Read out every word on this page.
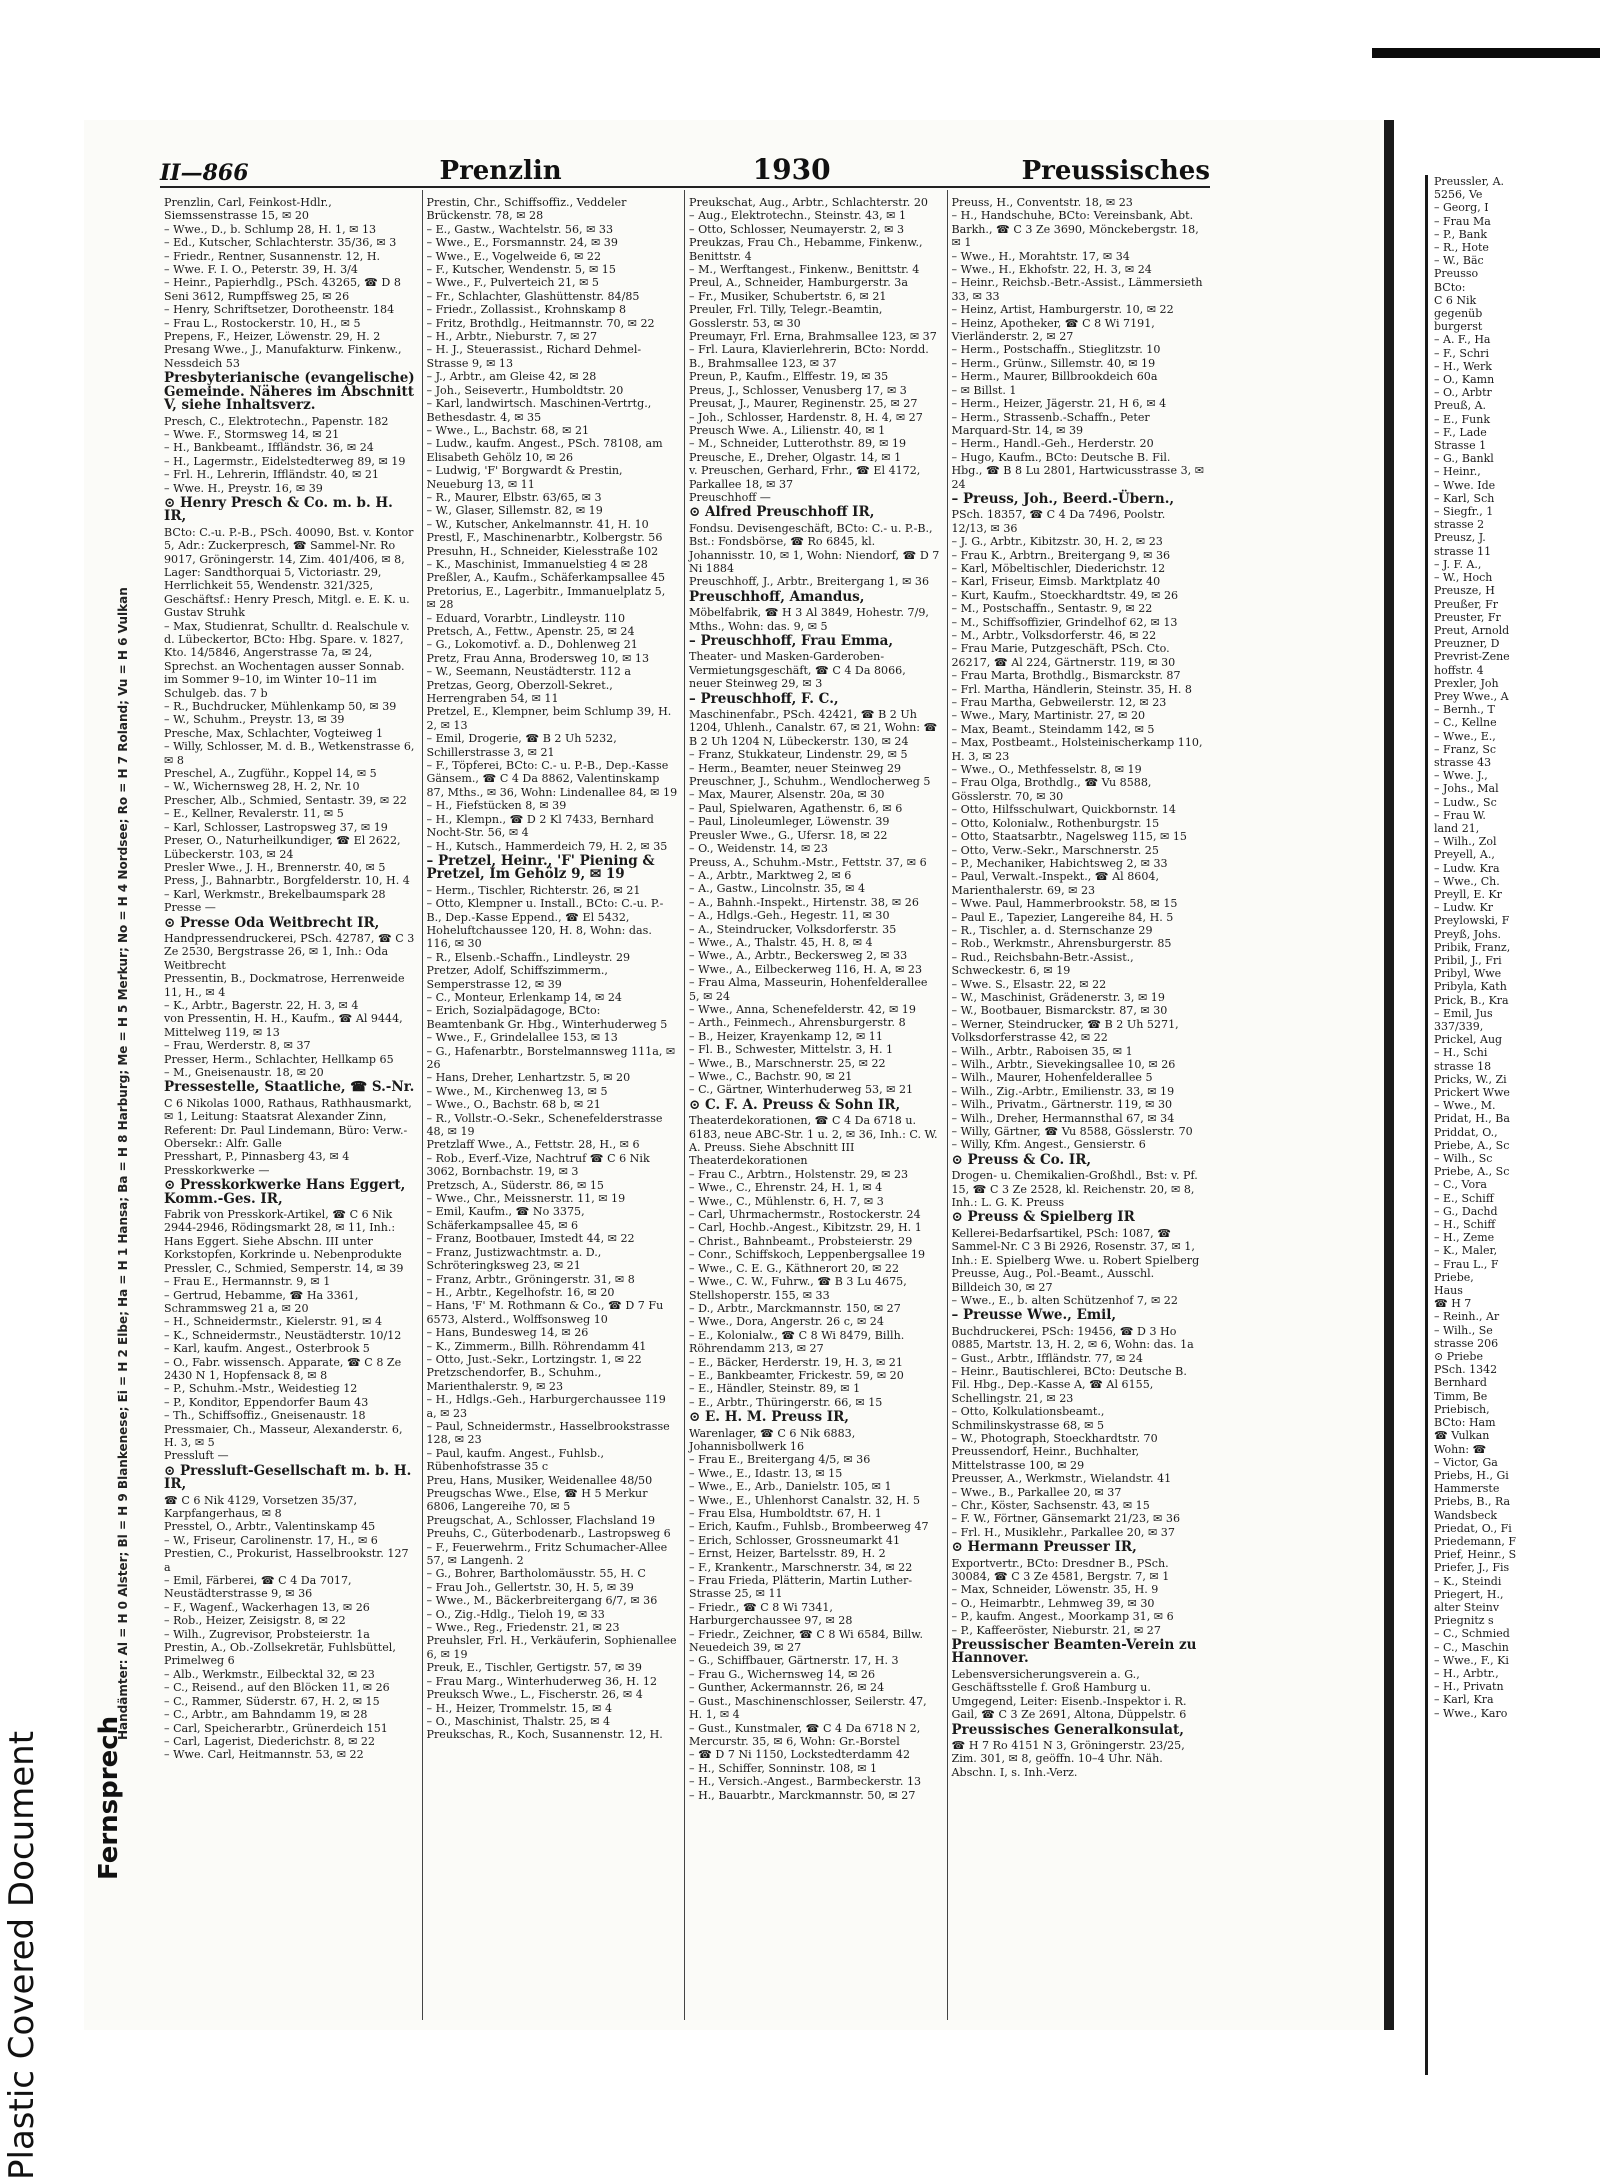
Plastic Covered Document
II—866	Prenzlin	1930	Preussisches
Fernsprech
Handämter: Al = H 0 Alster; Bl = H 9 Blankenese; Ei = H 2 Elbe; Ha = H 1 Hansa; Ba = H 8 Harburg; Me = H 5 Merkur; No = H 4 Nordsee; Ro = H 7 Roland; Vu = H 6 Vulkan

Prenzlin, Carl, Feinkost-Hdlr., Siemssenstrasse 15, ✉ 20

– Wwe., D., b. Schlump 28, H. 1, ✉ 13

– Ed., Kutscher, Schlachterstr. 35/36, ✉ 3

– Friedr., Rentner, Susannenstr. 12, H.

– Wwe. F. I. O., Peterstr. 39, H. 3/4

– Heinr., Papierhdlg., PSch. 43265, ☎ D 8 Seni 3612, Rumpffsweg 25, ✉ 26

– Henry, Schriftsetzer, Dorotheenstr. 184

– Frau L., Rostockerstr. 10, H., ✉ 5

Prepens, F., Heizer, Löwenstr. 29, H. 2

Presang Wwe., J., Manufakturw. Finkenw., Nessdeich 53

Presbyterianische (evangelische) Gemeinde. Näheres im Abschnitt V, siehe Inhaltsverz.

Presch, C., Elektrotechn., Papenstr. 182

– Wwe. F., Stormsweg 14, ✉ 21

– H., Bankbeamt., Iffländstr. 36, ✉ 24

– H., Lagermstr., Eidelstedterweg 89, ✉ 19

– Frl. H., Lehrerin, Iffländstr. 40, ✉ 21

– Wwe. H., Preystr. 16, ✉ 39

⊙ Henry Presch & Co. m. b. H. IR,

BCto: C.-u. P.-B., PSch. 40090, Bst. v. Kontor 5, Adr.: Zuckerpresch, ☎ Sammel-Nr. Ro 9017, Gröningerstr. 14, Zim. 401/406, ✉ 8, Lager: Sandthorquai 5, Victoriastr. 29, Herrlichkeit 55, Wendenstr. 321/325, Geschäftsf.: Henry Presch, Mitgl. e. E. K. u. Gustav Struhk

– Max, Studienrat, Schulltr. d. Realschule v. d. Lübeckertor, BCto: Hbg. Spare. v. 1827, Kto. 14/5846, Angerstrasse 7a, ✉ 24, Sprechst. an Wochentagen ausser Sonnab. im Sommer 9–10, im Winter 10–11 im Schulgeb. das. 7 b

– R., Buchdrucker, Mühlenkamp 50, ✉ 39

– W., Schuhm., Preystr. 13, ✉ 39

Presche, Max, Schlachter, Vogteiweg 1

– Willy, Schlosser, M. d. B., Wetkenstrasse 6, ✉ 8

Preschel, A., Zugführ., Koppel 14, ✉ 5

– W., Wichernsweg 28, H. 2, Nr. 10

Prescher, Alb., Schmied, Sentastr. 39, ✉ 22

– E., Kellner, Revalerstr. 11, ✉ 5

– Karl, Schlosser, Lastropsweg 37, ✉ 19

Preser, O., Naturheilkundiger, ☎ El 2622, Lübeckerstr. 103, ✉ 24

Presler Wwe., J. H., Brennerstr. 40, ✉ 5

Press, J., Bahnarbtr., Borgfelderstr. 10, H. 4

– Karl, Werkmstr., Brekelbaumspark 28

Presse —

⊙ Presse Oda Weitbrecht IR,

Handpressendruckerei, PSch. 42787, ☎ C 3 Ze 2530, Bergstrasse 26, ✉ 1, Inh.: Oda Weitbrecht

Pressentin, B., Dockmatrose, Herrenweide 11, H., ✉ 4

– K., Arbtr., Bagerstr. 22, H. 3, ✉ 4

von Pressentin, H. H., Kaufm., ☎ Al 9444, Mittelweg 119, ✉ 13

– Frau, Werderstr. 8, ✉ 37

Presser, Herm., Schlachter, Hellkamp 65

– M., Gneisenaustr. 18, ✉ 20

Pressestelle, Staatliche, ☎ S.-Nr.

C 6 Nikolas 1000, Rathaus, Rathhausmarkt, ✉ 1, Leitung: Staatsrat Alexander Zinn, Referent: Dr. Paul Lindemann, Büro: Verw.-Obersekr.: Alfr. Galle

Presshart, P., Pinnasberg 43, ✉ 4

Presskorkwerke —

⊙ Presskorkwerke Hans Eggert, Komm.-Ges. IR,

Fabrik von Presskork-Artikel, ☎ C 6 Nik 2944-2946, Rödingsmarkt 28, ✉ 11, Inh.: Hans Eggert. Siehe Abschn. III unter Korkstopfen, Korkrinde u. Nebenprodukte

Pressler, C., Schmied, Semperstr. 14, ✉ 39

– Frau E., Hermannstr. 9, ✉ 1

– Gertrud, Hebamme, ☎ Ha 3361, Schrammsweg 21 a, ✉ 20

– H., Schneidermstr., Kielerstr. 91, ✉ 4

– K., Schneidermstr., Neustädterstr. 10/12

– Karl, kaufm. Angest., Osterbrook 5

– O., Fabr. wissensch. Apparate, ☎ C 8 Ze 2430 N 1, Hopfensack 8, ✉ 8

– P., Schuhm.-Mstr., Weidestieg 12

– P., Konditor, Eppendorfer Baum 43

– Th., Schiffsoffiz., Gneisenaustr. 18

Pressmaier, Ch., Masseur, Alexanderstr. 6, H. 3, ✉ 5

Pressluft —

⊙ Pressluft-Gesellschaft m. b. H. IR,

☎ C 6 Nik 4129, Vorsetzen 35/37, Karpfangerhaus, ✉ 8

Presstel, O., Arbtr., Valentinskamp 45

– W., Friseur, Carolinenstr. 17, H., ✉ 6

Prestien, C., Prokurist, Hasselbrookstr. 127 a

– Emil, Färberei, ☎ C 4 Da 7017, Neustädterstrasse 9, ✉ 36

– F., Wagenf., Wackerhagen 13, ✉ 26

– Rob., Heizer, Zeisigstr. 8, ✉ 22

– Wilh., Zugrevisor, Probsteierstr. 1a

Prestin, A., Ob.-Zollsekretär, Fuhlsbüttel, Primelweg 6

– Alb., Werkmstr., Eilbecktal 32, ✉ 23

– C., Reisend., auf den Blöcken 11, ✉ 26

– C., Rammer, Süderstr. 67, H. 2, ✉ 15

– C., Arbtr., am Bahndamm 19, ✉ 28

– Carl, Speicherarbtr., Grünerdeich 151

– Carl, Lagerist, Diederichstr. 8, ✉ 22

– Wwe. Carl, Heitmannstr. 53, ✉ 22

Prestin, Chr., Schiffsoffiz., Veddeler Brückenstr. 78, ✉ 28

– E., Gastw., Wachtelstr. 56, ✉ 33

– Wwe., E., Forsmannstr. 24, ✉ 39

– Wwe., E., Vogelweide 6, ✉ 22

– F., Kutscher, Wendenstr. 5, ✉ 15

– Wwe., F., Pulverteich 21, ✉ 5

– Fr., Schlachter, Glashüttenstr. 84/85

– Friedr., Zollassist., Krohnskamp 8

– Fritz, Brothdlg., Heitmannstr. 70, ✉ 22

– H., Arbtr., Nieburstr. 7, ✉ 27

– H. J., Steuerassist., Richard Dehmel-Strasse 9, ✉ 13

– J., Arbtr., am Gleise 42, ✉ 28

– Joh., Seisevertr., Humboldtstr. 20

– Karl, landwirtsch. Maschinen-Vertrtg., Bethesdastr. 4, ✉ 35

– Wwe., L., Bachstr. 68, ✉ 21

– Ludw., kaufm. Angest., PSch. 78108, am Elisabeth Gehölz 10, ✉ 26

– Ludwig, 'F' Borgwardt & Prestin, Neueburg 13, ✉ 11

– R., Maurer, Elbstr. 63/65, ✉ 3

– W., Glaser, Sillemstr. 82, ✉ 19

– W., Kutscher, Ankelmannstr. 41, H. 10

Prestl, F., Maschinenarbtr., Kolbergstr. 56

Presuhn, H., Schneider, Kielesstraße 102

– K., Maschinist, Immanuelstieg 4 ✉ 28

Preßler, A., Kaufm., Schäferkampsallee 45

Pretorius, E., Lagerbitr., Immanuelplatz 5, ✉ 28

– Eduard, Vorarbtr., Lindleystr. 110

Pretsch, A., Fettw., Apenstr. 25, ✉ 24

– G., Lokomotivf. a. D., Dohlenweg 21

Pretz, Frau Anna, Brodersweg 10, ✉ 13

– W., Seemann, Neustädterstr. 112 a

Pretzas, Georg, Oberzoll-Sekret., Herrengraben 54, ✉ 11

Pretzel, E., Klempner, beim Schlump 39, H. 2, ✉ 13

– Emil, Drogerie, ☎ B 2 Uh 5232, Schillerstrasse 3, ✉ 21

– F., Töpferei, BCto: C.- u. P.-B., Dep.-Kasse Gänsem., ☎ C 4 Da 8862, Valentinskamp 87, Mths., ✉ 36, Wohn: Lindenallee 84, ✉ 19

– H., Fiefstücken 8, ✉ 39

– H., Klempn., ☎ D 2 Kl 7433, Bernhard Nocht-Str. 56, ✉ 4

– H., Kutsch., Hammerdeich 79, H. 2, ✉ 35

– Pretzel, Heinr., 'F' Piening & Pretzel, Im Gehölz 9, ✉ 19

– Herm., Tischler, Richterstr. 26, ✉ 21

– Otto, Klempner u. Install., BCto: C.-u. P.-B., Dep.-Kasse Eppend., ☎ El 5432, Hoheluftchaussee 120, H. 8, Wohn: das. 116, ✉ 30

– R., Elsenb.-Schaffn., Lindleystr. 29

Pretzer, Adolf, Schiffszimmerm., Semperstrasse 12, ✉ 39

– C., Monteur, Erlenkamp 14, ✉ 24

– Erich, Sozialpädagoge, BCto: Beamtenbank Gr. Hbg., Winterhuderweg 5

– Wwe., F., Grindelallee 153, ✉ 13

– G., Hafenarbtr., Borstelmannsweg 111a, ✉ 26

– Hans, Dreher, Lenhartzstr. 5, ✉ 20

– Wwe., M., Kirchenweg 13, ✉ 5

– Wwe., O., Bachstr. 68 b, ✉ 21

– R., Vollstr.-O.-Sekr., Schenefelderstrasse 48, ✉ 19

Pretzlaff Wwe., A., Fettstr. 28, H., ✉ 6

– Rob., Everf.-Vize, Nachtruf ☎ C 6 Nik 3062, Bornbachstr. 19, ✉ 3

Pretzsch, A., Süderstr. 86, ✉ 15

– Wwe., Chr., Meissnerstr. 11, ✉ 19

– Emil, Kaufm., ☎ No 3375, Schäferkampsallee 45, ✉ 6

– Franz, Bootbauer, Imstedt 44, ✉ 22

– Franz, Justizwachtmstr. a. D., Schröteringksweg 23, ✉ 21

– Franz, Arbtr., Gröningerstr. 31, ✉ 8

– H., Arbtr., Kegelhofstr. 16, ✉ 20

– Hans, 'F' M. Rothmann & Co., ☎ D 7 Fu 6573, Alsterd., Wolffsonsweg 10

– Hans, Bundesweg 14, ✉ 26

– K., Zimmerm., Billh. Röhrendamm 41

– Otto, Just.-Sekr., Lortzingstr. 1, ✉ 22

Pretzschendorfer, B., Schuhm., Marienthalerstr. 9, ✉ 23

– H., Hdlgs.-Geh., Harburgerchaussee 119 a, ✉ 23

– Paul, Schneidermstr., Hasselbrookstrasse 128, ✉ 23

– Paul, kaufm. Angest., Fuhlsb., Rübenhofstrasse 35 c

Preu, Hans, Musiker, Weidenallee 48/50

Preugschas Wwe., Else, ☎ H 5 Merkur 6806, Langereihe 70, ✉ 5

Preugschat, A., Schlosser, Flachsland 19

Preuhs, C., Güterbodenarb., Lastropsweg 6

– F., Feuerwehrm., Fritz Schumacher-Allee 57, ✉ Langenh. 2

– G., Bohrer, Bartholomäusstr. 55, H. C

– Frau Joh., Gellertstr. 30, H. 5, ✉ 39

– Wwe., M., Bäckerbreitergang 6/7, ✉ 36

– O., Zig.-Hdlg., Tieloh 19, ✉ 33

– Wwe., Reg., Friedenstr. 21, ✉ 23

Preuhsler, Frl. H., Verkäuferin, Sophienallee 6, ✉ 19

Preuk, E., Tischler, Gertigstr. 57, ✉ 39

– Frau Marg., Winterhuderweg 36, H. 12

Preuksch Wwe., L., Fischerstr. 26, ✉ 4

– H., Heizer, Trommelstr. 15, ✉ 4

– O., Maschinist, Thalstr. 25, ✉ 4

Preukschas, R., Koch, Susannenstr. 12, H.

Preukschat, Aug., Arbtr., Schlachterstr. 20

– Aug., Elektrotechn., Steinstr. 43, ✉ 1

– Otto, Schlosser, Neumayerstr. 2, ✉ 3

Preukzas, Frau Ch., Hebamme, Finkenw., Benittstr. 4

– M., Werftangest., Finkenw., Benittstr. 4

Preul, A., Schneider, Hamburgerstr. 3a

– Fr., Musiker, Schubertstr. 6, ✉ 21

Preuler, Frl. Tilly, Telegr.-Beamtin, Gosslerstr. 53, ✉ 30

Preumayr, Frl. Erna, Brahmsallee 123, ✉ 37

– Frl. Laura, Klavierlehrerin, BCto: Nordd. B., Brahmsallee 123, ✉ 37

Preun, P., Kaufm., Elffestr. 19, ✉ 35

Preus, J., Schlosser, Venusberg 17, ✉ 3

Preusat, J., Maurer, Reginenstr. 25, ✉ 27

– Joh., Schlosser, Hardenstr. 8, H. 4, ✉ 27

Preusch Wwe. A., Lilienstr. 40, ✉ 1

– M., Schneider, Lutterothstr. 89, ✉ 19

Preusche, E., Dreher, Olgastr. 14, ✉ 1

v. Preuschen, Gerhard, Frhr., ☎ El 4172, Parkallee 18, ✉ 37

Preuschhoff —

⊙ Alfred Preuschhoff IR,

Fondsu. Devisengeschäft, BCto: C.- u. P.-B., Bst.: Fondsbörse, ☎ Ro 6845, kl. Johannisstr. 10, ✉ 1, Wohn: Niendorf, ☎ D 7 Ni 1884

Preuschhoff, J., Arbtr., Breitergang 1, ✉ 36

Preuschhoff, Amandus,

Möbelfabrik, ☎ H 3 Al 3849, Hohestr. 7/9, Mths., Wohn: das. 9, ✉ 5

– Preuschhoff, Frau Emma,

Theater- und Masken-Garderoben-Vermietungsgeschäft, ☎ C 4 Da 8066, neuer Steinweg 29, ✉ 3

– Preuschhoff, F. C.,

Maschinenfabr., PSch. 42421, ☎ B 2 Uh 1204, Uhlenh., Canalstr. 67, ✉ 21, Wohn: ☎ B 2 Uh 1204 N, Lübeckerstr. 130, ✉ 24

– Franz, Stukkateur, Lindenstr. 29, ✉ 5

– Herm., Beamter, neuer Steinweg 29

Preuschner, J., Schuhm., Wendlocherweg 5

– Max, Maurer, Alsenstr. 20a, ✉ 30

– Paul, Spielwaren, Agathenstr. 6, ✉ 6

– Paul, Linoleumleger, Löwenstr. 39

Preusler Wwe., G., Ufersr. 18, ✉ 22

– O., Weidenstr. 14, ✉ 23

Preuss, A., Schuhm.-Mstr., Fettstr. 37, ✉ 6

– A., Arbtr., Marktweg 2, ✉ 6

– A., Gastw., Lincolnstr. 35, ✉ 4

– A., Bahnh.-Inspekt., Hirtenstr. 38, ✉ 26

– A., Hdlgs.-Geh., Hegestr. 11, ✉ 30

– A., Steindrucker, Volksdorferstr. 35

– Wwe., A., Thalstr. 45, H. 8, ✉ 4

– Wwe., A., Arbtr., Beckersweg 2, ✉ 33

– Wwe., A., Eilbeckerweg 116, H. A, ✉ 23

– Frau Alma, Masseurin, Hohenfelderallee 5, ✉ 24

– Wwe., Anna, Schenefelderstr. 42, ✉ 19

– Arth., Feinmech., Ahrensburgerstr. 8

– B., Heizer, Krayenkamp 12, ✉ 11

– Fl. B., Schwester, Mittelstr. 3, H. 1

– Wwe., B., Marschnerstr. 25, ✉ 22

– Wwe., C., Bachstr. 90, ✉ 21

– C., Gärtner, Winterhuderweg 53, ✉ 21

⊙ C. F. A. Preuss & Sohn IR,

Theaterdekorationen, ☎ C 4 Da 6718 u. 6183, neue ABC-Str. 1 u. 2, ✉ 36, Inh.: C. W. A. Preuss. Siehe Abschnitt III Theaterdekorationen

– Frau C., Arbtrn., Holstenstr. 29, ✉ 23

– Wwe., C., Ehrenstr. 24, H. 1, ✉ 4

– Wwe., C., Mühlenstr. 6, H. 7, ✉ 3

– Carl, Uhrmachermstr., Rostockerstr. 24

– Carl, Hochb.-Angest., Kibitzstr. 29, H. 1

– Christ., Bahnbeamt., Probsteierstr. 29

– Conr., Schiffskoch, Leppenbergsallee 19

– Wwe., C. E. G., Käthnerort 20, ✉ 22

– Wwe., C. W., Fuhrw., ☎ B 3 Lu 4675, Stellshoperstr. 155, ✉ 33

– D., Arbtr., Marckmannstr. 150, ✉ 27

– Wwe., Dora, Angerstr. 26 c, ✉ 24

– E., Kolonialw., ☎ C 8 Wi 8479, Billh. Röhrendamm 213, ✉ 27

– E., Bäcker, Herderstr. 19, H. 3, ✉ 21

– E., Bankbeamter, Frickestr. 59, ✉ 20

– E., Händler, Steinstr. 89, ✉ 1

– E., Arbtr., Thüringerstr. 66, ✉ 15

⊙ E. H. M. Preuss IR,

Warenlager, ☎ C 6 Nik 6883, Johannisbollwerk 16

– Frau E., Breitergang 4/5, ✉ 36

– Wwe., E., Idastr. 13, ✉ 15

– Wwe., E., Arb., Danielstr. 105, ✉ 1

– Wwe., E., Uhlenhorst Canalstr. 32, H. 5

– Frau Elsa, Humboldtstr. 67, H. 1

– Erich, Kaufm., Fuhlsb., Brombeerweg 47

– Erich, Schlosser, Grossneumarkt 41

– Ernst, Heizer, Bartelsstr. 89, H. 2

– F., Krankentr., Marschnerstr. 34, ✉ 22

– Frau Frieda, Plätterin, Martin Luther-Strasse 25, ✉ 11

– Friedr., ☎ C 8 Wi 7341, Harburgerchaussee 97, ✉ 28

– Friedr., Zeichner, ☎ C 8 Wi 6584, Billw. Neuedeich 39, ✉ 27

– G., Schiffbauer, Gärtnerstr. 17, H. 3

– Frau G., Wichernsweg 14, ✉ 26

– Gunther, Ackermannstr. 26, ✉ 24

– Gust., Maschinenschlosser, Seilerstr. 47, H. 1, ✉ 4

– Gust., Kunstmaler, ☎ C 4 Da 6718 N 2, Mercurstr. 35, ✉ 6, Wohn: Gr.-Borstel

– ☎ D 7 Ni 1150, Lockstedterdamm 42

– H., Schiffer, Sonninstr. 108, ✉ 1

– H., Versich.-Angest., Barmbeckerstr. 13

– H., Bauarbtr., Marckmannstr. 50, ✉ 27

Preuss, H., Conventstr. 18, ✉ 23

– H., Handschuhe, BCto: Vereinsbank, Abt. Barkh., ☎ C 3 Ze 3690, Mönckebergstr. 18, ✉ 1

– Wwe., H., Morahtstr. 17, ✉ 34

– Wwe., H., Ekhofstr. 22, H. 3, ✉ 24

– Heinr., Reichsb.-Betr.-Assist., Lämmersieth 33, ✉ 33

– Heinz, Artist, Hamburgerstr. 10, ✉ 22

– Heinz, Apotheker, ☎ C 8 Wi 7191, Vierländerstr. 2, ✉ 27

– Herm., Postschaffn., Stieglitzstr. 10

– Herm., Grünw., Sillemstr. 40, ✉ 19

– Herm., Maurer, Billbrookdeich 60a

– ✉ Billst. 1

– Herm., Heizer, Jägerstr. 21, H 6, ✉ 4

– Herm., Strassenb.-Schaffn., Peter Marquard-Str. 14, ✉ 39

– Herm., Handl.-Geh., Herderstr. 20

– Hugo, Kaufm., BCto: Deutsche B. Fil. Hbg., ☎ B 8 Lu 2801, Hartwicusstrasse 3, ✉ 24

– Preuss, Joh., Beerd.-Übern.,

PSch. 18357, ☎ C 4 Da 7496, Poolstr. 12/13, ✉ 36

– J. G., Arbtr., Kibitzstr. 30, H. 2, ✉ 23

– Frau K., Arbtrn., Breitergang 9, ✉ 36

– Karl, Möbeltischler, Diederichstr. 12

– Karl, Friseur, Eimsb. Marktplatz 40

– Kurt, Kaufm., Stoeckhardtstr. 49, ✉ 26

– M., Postschaffn., Sentastr. 9, ✉ 22

– M., Schiffsoffizier, Grindelhof 62, ✉ 13

– M., Arbtr., Volksdorferstr. 46, ✉ 22

– Frau Marie, Putzgeschäft, PSch. Cto. 26217, ☎ Al 224, Gärtnerstr. 119, ✉ 30

– Frau Marta, Brothdlg., Bismarckstr. 87

– Frl. Martha, Händlerin, Steinstr. 35, H. 8

– Frau Martha, Gebweilerstr. 12, ✉ 23

– Wwe., Mary, Martinistr. 27, ✉ 20

– Max, Beamt., Steindamm 142, ✉ 5

– Max, Postbeamt., Holsteinischerkamp 110, H. 3, ✉ 23

– Wwe., O., Methfesselstr. 8, ✉ 19

– Frau Olga, Brothdlg., ☎ Vu 8588, Gösslerstr. 70, ✉ 30

– Otto, Hilfsschulwart, Quickbornstr. 14

– Otto, Kolonialw., Rothenburgstr. 15

– Otto, Staatsarbtr., Nagelsweg 115, ✉ 15

– Otto, Verw.-Sekr., Marschnerstr. 25

– P., Mechaniker, Habichtsweg 2, ✉ 33

– Paul, Verwalt.-Inspekt., ☎ Al 8604, Marienthalerstr. 69, ✉ 23

– Wwe. Paul, Hammerbrookstr. 58, ✉ 15

– Paul E., Tapezier, Langereihe 84, H. 5

– R., Tischler, a. d. Sternschanze 29

– Rob., Werkmstr., Ahrensburgerstr. 85

– Rud., Reichsbahn-Betr.-Assist., Schweckestr. 6, ✉ 19

– Wwe. S., Elsastr. 22, ✉ 22

– W., Maschinist, Grädenerstr. 3, ✉ 19

– W., Bootbauer, Bismarckstr. 87, ✉ 30

– Werner, Steindrucker, ☎ B 2 Uh 5271, Volksdorferstrasse 42, ✉ 22

– Wilh., Arbtr., Raboisen 35, ✉ 1

– Wilh., Arbtr., Sievekingsallee 10, ✉ 26

– Wilh., Maurer, Hohenfelderallee 5

– Wilh., Zig.-Arbtr., Emilienstr. 33, ✉ 19

– Wilh., Privatm., Gärtnerstr. 119, ✉ 30

– Wilh., Dreher, Hermannsthal 67, ✉ 34

– Willy, Gärtner, ☎ Vu 8588, Gösslerstr. 70

– Willy, Kfm. Angest., Gensierstr. 6

⊙ Preuss & Co. IR,

Drogen- u. Chemikalien-Großhdl., Bst: v. Pf. 15, ☎ C 3 Ze 2528, kl. Reichenstr. 20, ✉ 8, Inh.: L. G. K. Preuss

⊙ Preuss & Spielberg IR

Kellerei-Bedarfsartikel, PSch: 1087, ☎ Sammel-Nr. C 3 Bi 2926, Rosenstr. 37, ✉ 1, Inh.: E. Spielberg Wwe. u. Robert Spielberg

Preusse, Aug., Pol.-Beamt., Ausschl. Billdeich 30, ✉ 27

– Wwe., E., b. alten Schützenhof 7, ✉ 22

– Preusse Wwe., Emil,

Buchdruckerei, PSch: 19456, ☎ D 3 Ho 0885, Martstr. 13, H. 2, ✉ 6, Wohn: das. 1a

– Gust., Arbtr., Iffländstr. 77, ✉ 24

– Heinr., Bautischlerei, BCto: Deutsche B. Fil. Hbg., Dep.-Kasse A, ☎ Al 6155, Schellingstr. 21, ✉ 23

– Otto, Kolkulationsbeamt., Schmilinskystrasse 68, ✉ 5

– W., Photograph, Stoeckhardtstr. 70

Preussendorf, Heinr., Buchhalter, Mittelstrasse 100, ✉ 29

Preusser, A., Werkmstr., Wielandstr. 41

– Wwe., B., Parkallee 20, ✉ 37

– Chr., Köster, Sachsenstr. 43, ✉ 15

– F. W., Förtner, Gänsemarkt 21/23, ✉ 36

– Frl. H., Musiklehr., Parkallee 20, ✉ 37

⊙ Hermann Preusser IR,

Exportvertr., BCto: Dresdner B., PSch. 30084, ☎ C 3 Ze 4581, Bergstr. 7, ✉ 1

– Max, Schneider, Löwenstr. 35, H. 9

– O., Heimarbtr., Lehmweg 39, ✉ 30

– P., kaufm. Angest., Moorkamp 31, ✉ 6

– P., Kaffeeröster, Nieburstr. 21, ✉ 27

Preussischer Beamten-Verein zu Hannover.

Lebensversicherungsverein a. G., Geschäftsstelle f. Groß Hamburg u. Umgegend, Leiter: Eisenb.-Inspektor i. R. Gail, ☎ C 3 Ze 2691, Altona, Düppelstr. 6

Preussisches Generalkonsulat,

☎ H 7 Ro 4151 N 3, Gröningerstr. 23/25, Zim. 301, ✉ 8, geöffn. 10–4 Uhr. Näh. Abschn. I, s. Inh.-Verz.

Preussler, A.

5256, Ve

– Georg, I

– Frau Ma

– P., Bank

– R., Hote

– W., Bäc

Preusso

BCto:

C 6 Nik

gegenüb

burgerst

– A. F., Ha

– F., Schri

– H., Werk

– O., Kamn

– O., Arbtr

Preuß, A.

– E., Funk

– F., Lade

Strasse 1

– G., Bankl

– Heinr.,

– Wwe. Ide

– Karl, Sch

– Siegfr., 1

strasse 2

Preusz, J.

strasse 11

– J. F. A.,

– W., Hoch

Preusze, H

Preußer, Fr

Preuster, Fr

Preut, Arnold

Preuzner, D

Prevrist-Zene

hoffstr. 4

Prexler, Joh

Prey Wwe., A

– Bernh., T

– C., Kellne

– Wwe., E.,

– Franz, Sc

strasse 43

– Wwe. J.,

– Johs., Mal

– Ludw., Sc

– Frau W.

land 21,

– Wilh., Zol

Preyell, A.,

– Ludw. Kra

– Wwe., Ch.

Preyll, E. Kr

– Ludw. Kr

Preylowski, F

Preyß, Johs.

Pribik, Franz,

Pribil, J., Fri

Pribyl, Wwe

Pribyla, Kath

Prick, B., Kra

– Emil, Jus

337/339,

Prickel, Aug

– H., Schi

strasse 18

Pricks, W., Zi

Prickert Wwe

– Wwe., M.

Pridat, H., Ba

Priddat, O.,

Priebe, A., Sc

– Wilh., Sc

Priebe, A., Sc

– C., Vora

– E., Schiff

– G., Dachd

– H., Schiff

– H., Zeme

– K., Maler,

– Frau L., F

Priebe,

Haus

☎ H 7

– Reinh., Ar

– Wilh., Se

strasse 206

⊙ Priebe

PSch. 1342

Bernhard

Timm, Be

Priebisch,

BCto: Ham

☎ Vulkan

Wohn: ☎

– Victor, Ga

Priebs, H., Gi

Hammerste

Priebs, B., Ra

Wandsbeck

Priedat, O., Fi

Priedemann, F

Prief, Heinr., S

Priefer, J., Fis

– K., Steindi

Priegert, H.,

alter Steinv

Priegnitz s

– C., Schmied

– C., Maschin

– Wwe., F., Ki

– H., Arbtr.,

– H., Privatn

– Karl, Kra

– Wwe., Karo
